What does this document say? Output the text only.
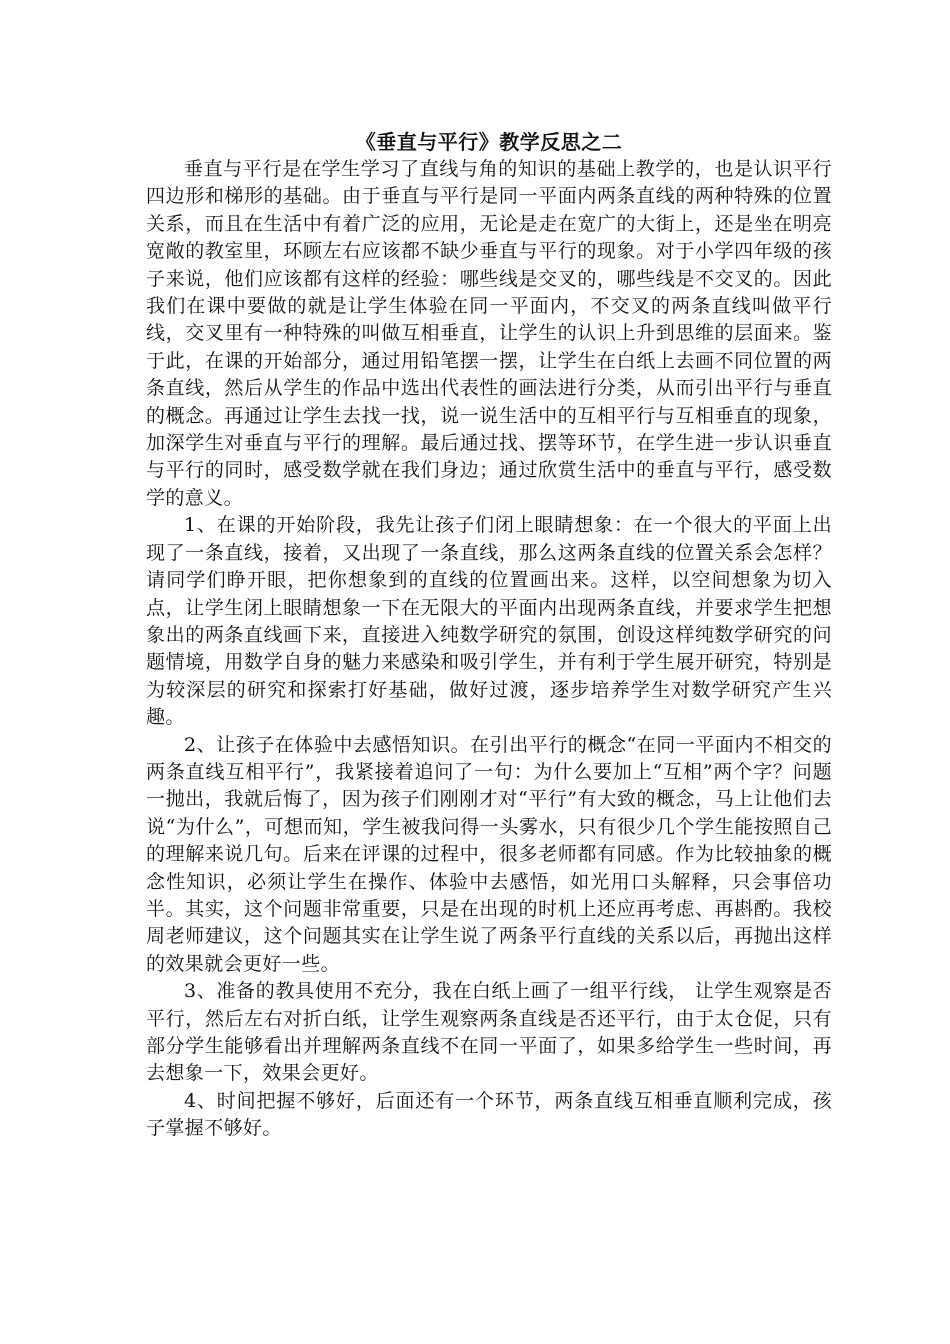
《垂直与平行》教学反思之二

垂直与平行是在学生学习了直线与角的知识的基础上教学的，也是认识平行四边形和梯形的基础。由于垂直与平行是同一平面内两条直线的两种特殊的位置关系，而且在生活中有着广泛的应用，无论是走在宽广的大街上，还是坐在明亮宽敞的教室里，环顾左右应该都不缺少垂直与平行的现象。对于小学四年级的孩子来说，他们应该都有这样的经验：哪些线是交叉的，哪些线是不交叉的。因此我们在课中要做的就是让学生体验在同一平面内，不交叉的两条直线叫做平行线，交叉里有一种特殊的叫做互相垂直，让学生的认识上升到思维的层面来。鉴于此，在课的开始部分，通过用铅笔摆一摆，让学生在白纸上去画不同位置的两条直线，然后从学生的作品中选出代表性的画法进行分类，从而引出平行与垂直的概念。再通过让学生去找一找，说一说生活中的互相平行与互相垂直的现象，加深学生对垂直与平行的理解。最后通过找、摆等环节，在学生进一步认识垂直与平行的同时，感受数学就在我们身边；通过欣赏生活中的垂直与平行，感受数学的意义。

1、在课的开始阶段，我先让孩子们闭上眼睛想象：在一个很大的平面上出现了一条直线，接着，又出现了一条直线，那么这两条直线的位置关系会怎样？请同学们睁开眼，把你想象到的直线的位置画出来。这样，以空间想象为切入点，让学生闭上眼睛想象一下在无限大的平面内出现两条直线，并要求学生把想象出的两条直线画下来，直接进入纯数学研究的氛围，创设这样纯数学研究的问题情境，用数学自身的魅力来感染和吸引学生，并有利于学生展开研究，特别是为较深层的研究和探索打好基础，做好过渡，逐步培养学生对数学研究产生兴趣。

2、让孩子在体验中去感悟知识。在引出平行的概念“在同一平面内不相交的两条直线互相平行”，我紧接着追问了一句：为什么要加上“互相”两个字？问题一抛出，我就后悔了，因为孩子们刚刚才对“平行”有大致的概念，马上让他们去说“为什么”，可想而知，学生被我问得一头雾水，只有很少几个学生能按照自己的理解来说几句。后来在评课的过程中，很多老师都有同感。作为比较抽象的概念性知识，必须让学生在操作、体验中去感悟，如光用口头解释，只会事倍功半。其实，这个问题非常重要，只是在出现的时机上还应再考虑、再斟酌。我校周老师建议，这个问题其实在让学生说了两条平行直线的关系以后，再抛出这样的效果就会更好一些。

3、准备的教具使用不充分，我在白纸上画了一组平行线， 让学生观察是否平行，然后左右对折白纸，让学生观察两条直线是否还平行，由于太仓促，只有部分学生能够看出并理解两条直线不在同一平面了，如果多给学生一些时间，再去想象一下，效果会更好。

4、时间把握不够好，后面还有一个环节，两条直线互相垂直顺利完成，孩子掌握不够好。
